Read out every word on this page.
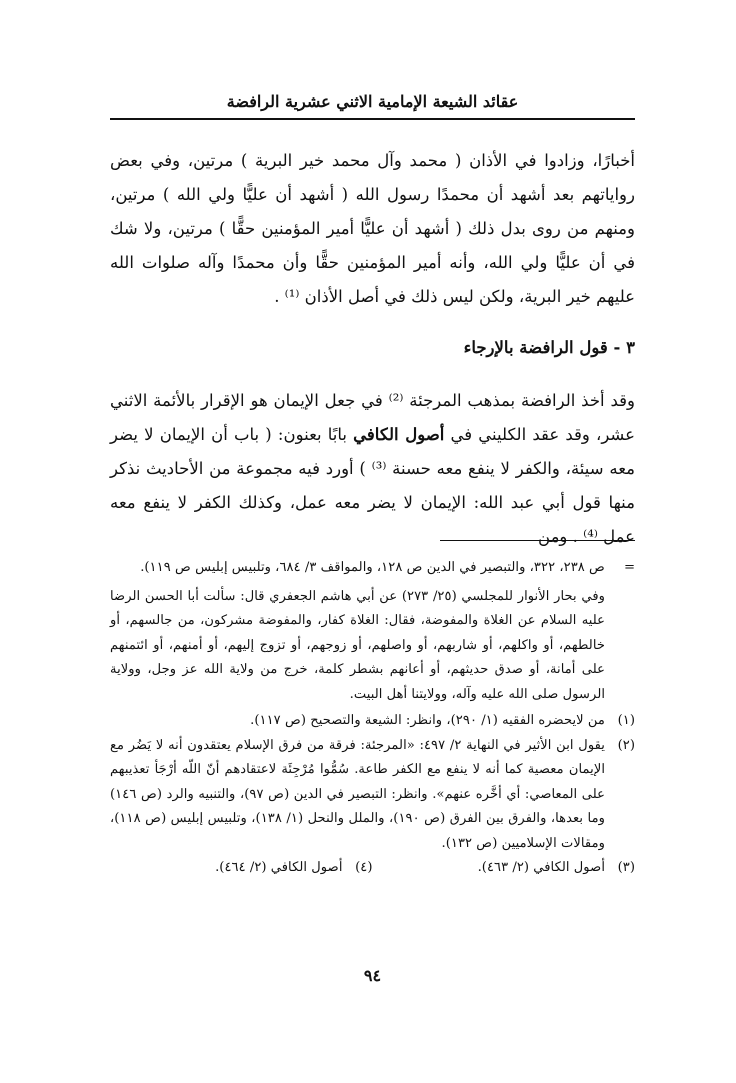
عقائد الشيعة الإمامية الاثني عشرية الرافضة

أخبارًا، وزادوا في الأذان ( محمد وآل محمد خير البرية ) مرتين، وفي بعض رواياتهم بعد أشهد أن محمدًا رسول الله ( أشهد أن عليًّا ولي الله ) مرتين، ومنهم من روى بدل ذلك ( أشهد أن عليًّا أمير المؤمنين حقًّا ) مرتين، ولا شك في أن عليًّا ولي الله، وأنه أمير المؤمنين حقًّا وأن محمدًا وآله صلوات الله عليهم خير البرية، ولكن ليس ذلك في أصل الأذان ⁽¹⁾ .

٣ - قول الرافضة بالإرجاء

وقد أخذ الرافضة بمذهب المرجئة ⁽²⁾ في جعل الإيمان هو الإقرار بالأئمة الاثني عشر، وقد عقد الكليني في أصول الكافي بابًا بعنون: ( باب أن الإيمان لا يضر معه سيئة، والكفر لا ينفع معه حسنة ⁽³⁾ ) أورد فيه مجموعة من الأحاديث نذكر منها قول أبي عبد الله: الإيمان لا يضر معه عمل، وكذلك الكفر لا ينفع معه عمل ⁽⁴⁾ . ومن

=
ص ٢٣٨، ٣٢٢، والتبصير في الدين ص ١٢٨، والمواقف ٣/ ٦٨٤، وتلبيس إبليس ص ١١٩).

وفي بحار الأنوار للمجلسي (٢٥/ ٢٧٣) عن أبي هاشم الجعفري قال: سألت أبا الحسن الرضا عليه السلام عن الغلاة والمفوضة، فقال: الغلاة كفار، والمفوضة مشركون، من جالسهم، أو خالطهم، أو واكلهم، أو شاربهم، أو واصلهم، أو زوجهم، أو تزوج إليهم، أو أمنهم، أو ائتمنهم على أمانة، أو صدق حديثهم، أو أعانهم بشطر كلمة، خرج من ولاية الله عز وجل، وولاية الرسول صلى الله عليه وآله، وولايتنا أهل البيت.

(١)
من لايحضره الفقيه (١/ ٢٩٠)، وانظر: الشيعة والتصحيح (ص ١١٧).
(٢)
يقول ابن الأثير في النهاية ٢/ ٤٩٧: «المرجئة: فرقة من فرق الإسلام يعتقدون أنه لا يَضُر مع الإيمان معصية كما أنه لا ينفع مع الكفر طاعة. سُمُّوا مُرْجِئَة لاعتقادهم أنّ اللّه أرْجَأ تعذيبهم على المعاصي: أي أخَّره عنهم». وانظر: التبصير في الدين (ص ٩٧)، والتنبيه والرد (ص ١٤٦) وما بعدها، والفرق بين الفرق (ص ١٩٠)، والملل والنحل (١/ ١٣٨)، وتلبيس إبليس (ص ١١٨)، ومقالات الإسلاميين (ص ١٣٢).
(٣)
أصول الكافي (٢/ ٤٦٣).
(٤)
أصول الكافي (٢/ ٤٦٤).
٩٤
